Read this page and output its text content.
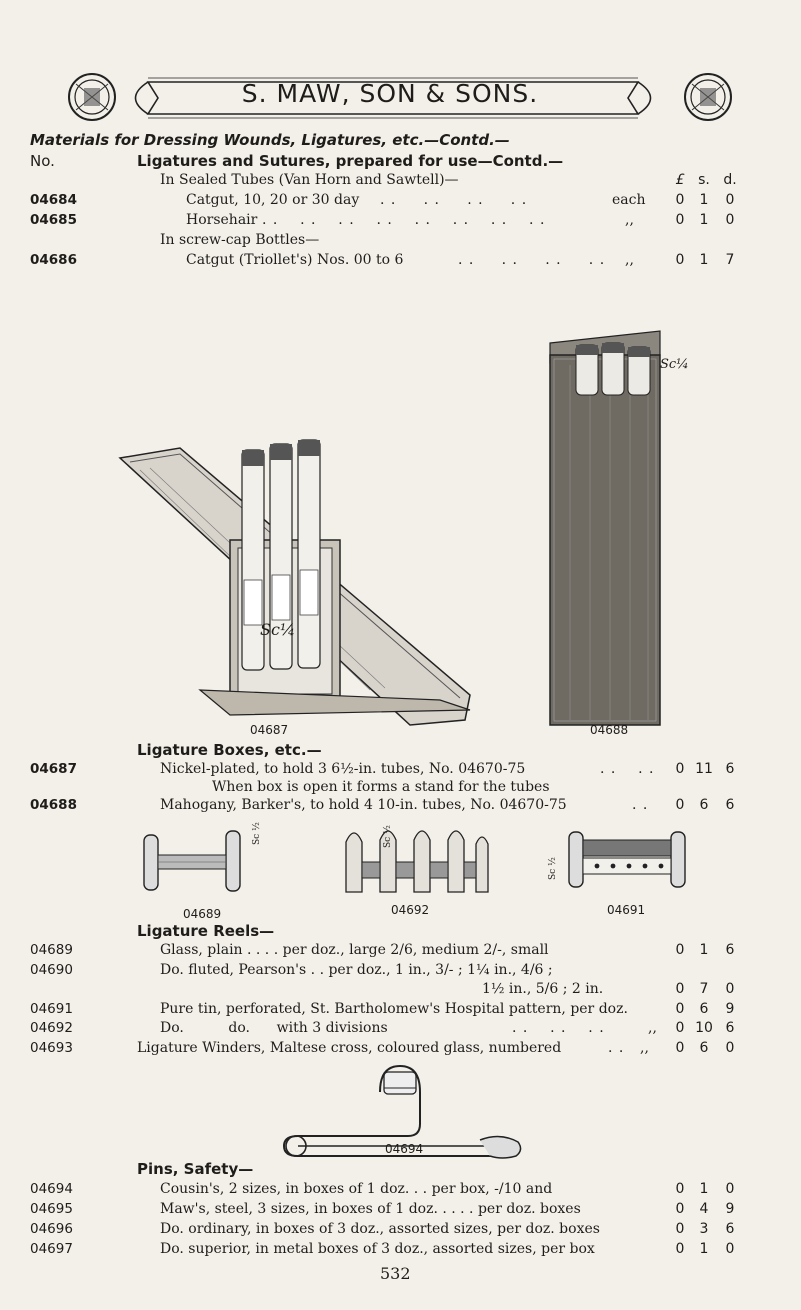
S. MAW, SON & SONS.
Materials for Dressing Wounds, Ligatures, etc.—Contd.—
No.	Ligatures and Sutures, prepared for use—Contd.—
In Sealed Tubes (Van Horn and Sawtell)—	£ s. d.
04684	Catgut, 10, 20 or 30 day . .     . .     . .     . .	each	0	1	0
04685	Horsehair . .    . .    . .    . .    . .    . .    . .    . .	,,	0	1	0
In screw-cap Bottles—
04686	Catgut (Triollet's) Nos. 00 to 6	. .     . .     . .     . . ,,	0	1	7
Sc¼
Sc¼
04687	04688
Ligature Boxes, etc.—
04687	Nickel-plated, to hold 3 6½-in. tubes, No. 04670-75	. .    . .	0 11 6
When box is open it forms a stand for the tubes
04688	Mahogany, Barker's, to hold 4 10-in. tubes, No. 04670-75	. .	0	6	6
Sc ½	Sc ½
Sc ½
04689	04692	04691
Ligature Reels—
04689	Glass, plain . . . . per doz., large 2/6, medium 2/-, small	0	1	6
04690	Do. fluted, Pearson's . . per doz., 1 in., 3/- ; 1¼ in., 4/6 ;
1½ in., 5/6 ; 2 in.	0	7	0
04691	Pure tin, perforated, St. Bartholomew's Hospital pattern, per doz.	0	6	9
04692	Do.          do.      with 3 divisions	. .    . .    . .	,,	0 10 6
04693	Ligature Winders, Maltese cross, coloured glass, numbered	. . ,,	0	6	0
04694
Pins, Safety—
04694	Cousin's, 2 sizes, in boxes of 1 doz. . . per box, -/10 and	0	1	0
04695	Maw's, steel, 3 sizes, in boxes of 1 doz. . . . . per doz. boxes	0	4	9
04696	Do. ordinary, in boxes of 3 doz., assorted sizes, per doz. boxes	0	3	6
04697	Do. superior, in metal boxes of 3 doz., assorted sizes, per box	0	1	0
532
